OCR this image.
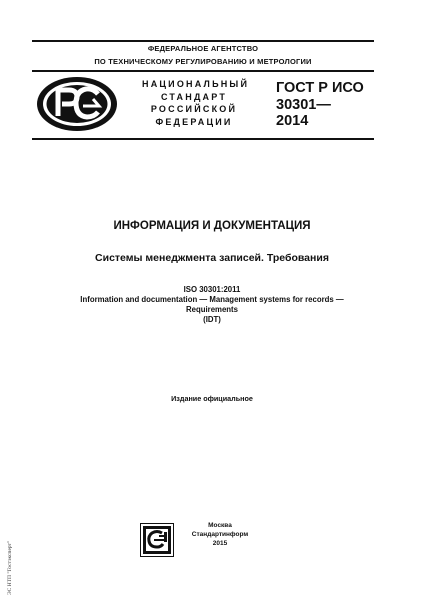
ФЕДЕРАЛЬНОЕ АГЕНТСТВО
ПО ТЕХНИЧЕСКОМУ РЕГУЛИРОВАНИЮ И МЕТРОЛОГИИ
НАЦИОНАЛЬНЫЙ
СТАНДАРТ
РОССИЙСКОЙ
ФЕДЕРАЦИИ
ГОСТ Р ИСО
30301—
2014
ИНФОРМАЦИЯ И ДОКУМЕНТАЦИЯ
Системы менеджмента записей. Требования
ISO 30301:2011
Information and documentation — Management systems for records —
Requirements
(IDT)
Издание официальное
Москва
Стандартинформ
2015
ЭС НТП "Гостэксперт"
